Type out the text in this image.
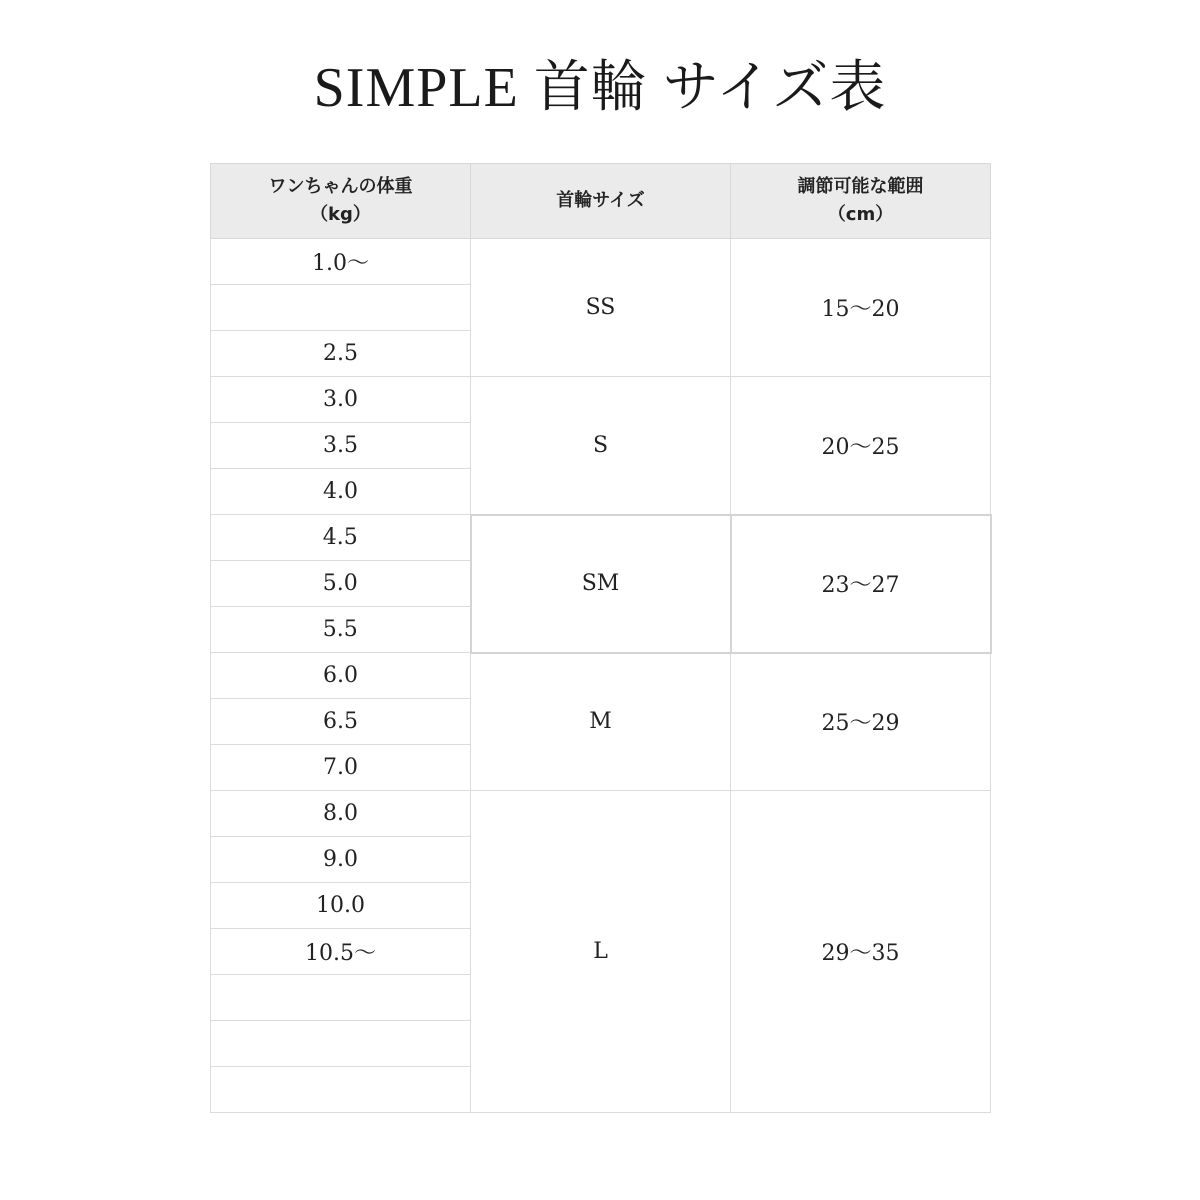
SIMPLE 首輪 サイズ表
ワンちゃんの体重
（kg）	首輪サイズ	調節可能な範囲
（cm）

1.0～	SS	15～20

2.5		
3.0	S	20～25
3.5		
4.0		
4.5	SM	23～27
5.0		
5.5		
6.0	M	25～29
6.5		
7.0		
8.0	L	29～35
9.0		
10.0		
10.5～		
